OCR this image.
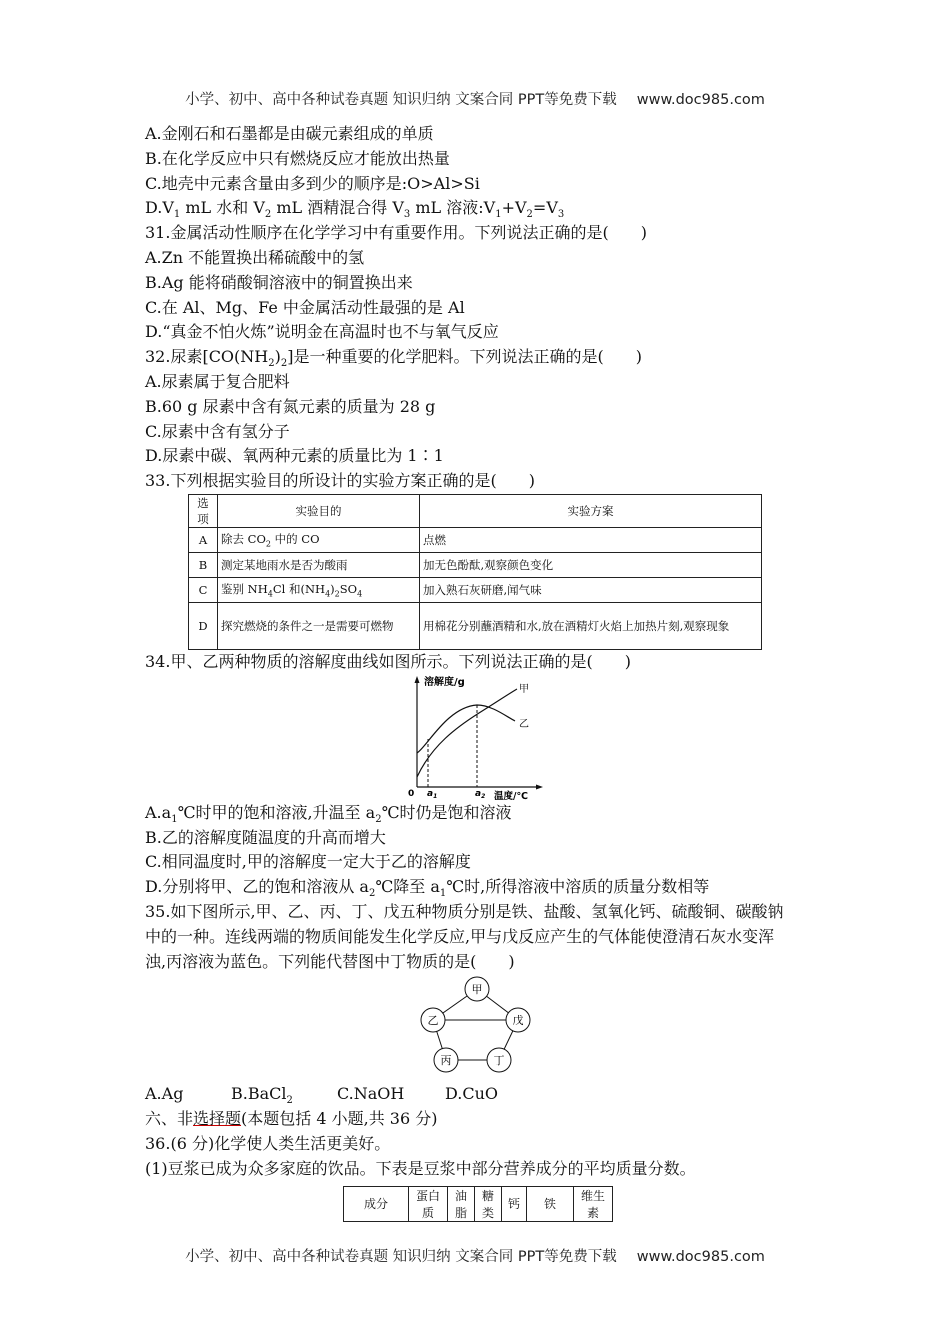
小学、初中、高中各种试卷真题 知识归纳 文案合同 PPT等免费下载 www.doc985.com
A.金刚石和石墨都是由碳元素组成的单质
B.在化学反应中只有燃烧反应才能放出热量
C.地壳中元素含量由多到少的顺序是:O>Al>Si
$D.V_1$ mL 水和 $V_2$ mL 酒精混合得 $V_3$ mL 溶液$:V_1+V_2=V_3$
31.金属活动性顺序在化学学习中有重要作用。下列说法正确的是(　　)
A.Zn 不能置换出稀硫酸中的氢
B.Ag 能将硝酸铜溶液中的铜置换出来
C.在 Al、Mg、Fe 中金属活动性最强的是 Al
D.“真金不怕火炼”说明金在高温时也不与氧气反应
32.尿素$[CO(NH_2)_2]$是一种重要的化学肥料。下列说法正确的是(　　)
A.尿素属于复合肥料
B.60 g 尿素中含有氮元素的质量为 28 g
C.尿素中含有氢分子
D.尿素中碳、氧两种元素的质量比为 1∶1
33.下列根据实验目的所设计的实验方案正确的是(　　)
选项	实验目的	实验方案
A	除去 $CO_2$ 中的 CO	点燃
B	测定某地雨水是否为酸雨	加无色酚酞,观察颜色变化
C	鉴别 $NH_4Cl$ 和$(NH_4)_2SO_4$	加入熟石灰研磨,闻气味
D	探究燃烧的条件之一是需要可燃物	用棉花分别蘸酒精和水,放在酒精灯火焰上加热片刻,观察现象
34.甲、乙两种物质的溶解度曲线如图所示。下列说法正确的是(　　)
溶解度/g
温度/℃
0 $a_1$	$a_2$
甲
乙
$A.a_1℃$时甲的饱和溶液,升温至 $a_2℃$时仍是饱和溶液
B.乙的溶解度随温度的升高而增大
C.相同温度时,甲的溶解度一定大于乙的溶解度
D.分别将甲、乙的饱和溶液从 $a_2℃$降至 $a_1℃$时,所得溶液中溶质的质量分数相等
35.如下图所示,甲、乙、丙、丁、戊五种物质分别是铁、盐酸、氢氧化钙、硫酸铜、碳酸钠
中的一种。连线两端的物质间能发生化学反应,甲与戊反应产生的气体能使澄清石灰水变浑
浊,丙溶液为蓝色。下列能代替图中丁物质的是(　　)
甲
乙	戊
丙	丁
A.Ag	B.BaCl$_2$	C.NaOH	D.CuO
六、非选择题(本题包括 4 小题,共 36 分)
36.(6 分)化学使人类生活更美好。
(1)豆浆已成为众多家庭的饮品。下表是豆浆中部分营养成分的平均质量分数。
成分	蛋白质	油脂	糖类	钙	铁	维生素
小学、初中、高中各种试卷真题 知识归纳 文案合同 PPT等免费下载 www.doc985.com
